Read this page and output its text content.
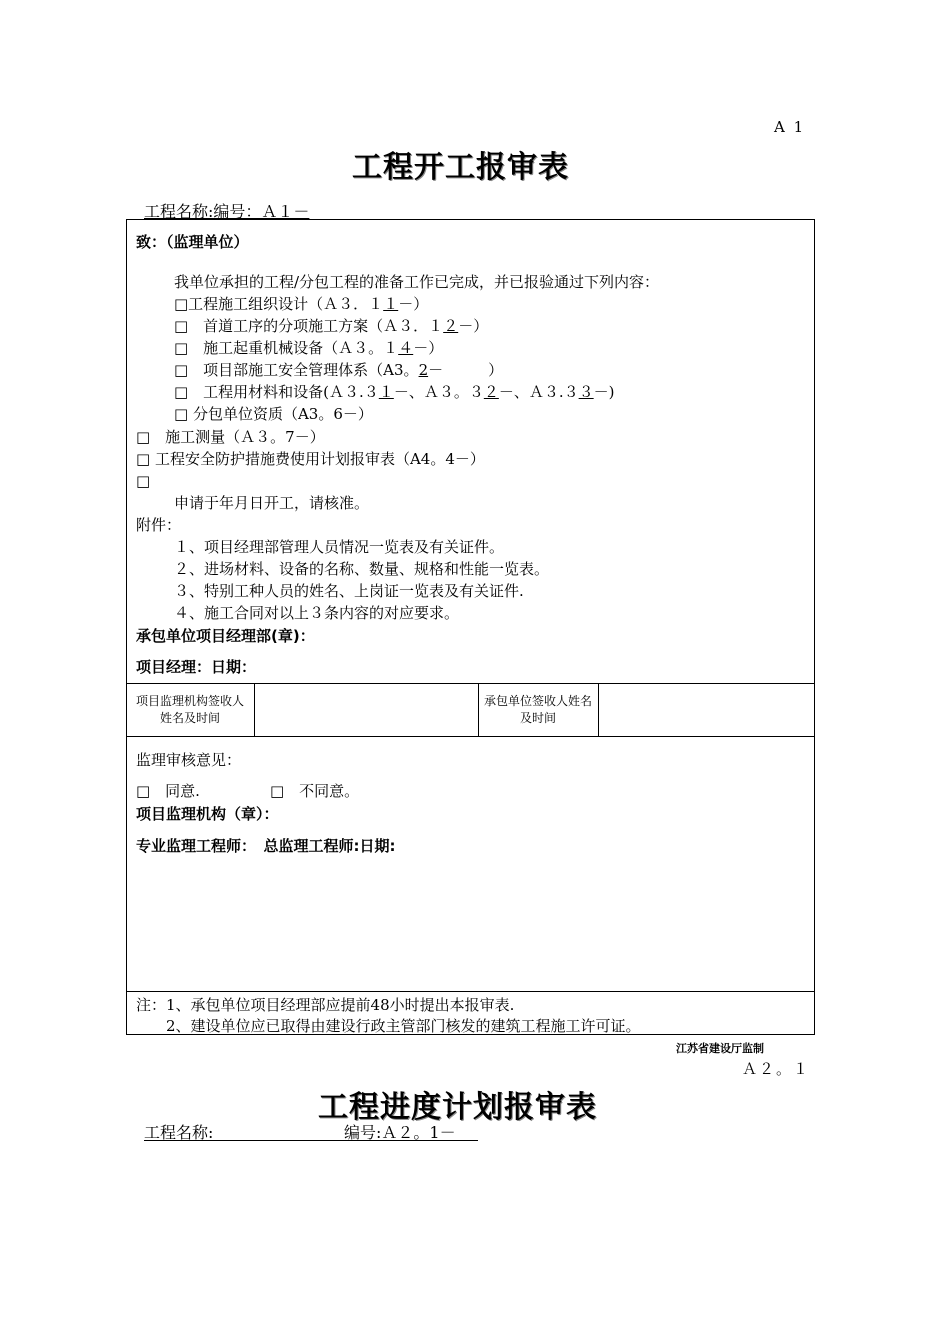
A 1
工程开工报审表
工程名称:编号：Ａ１－
致：（监理单位）
我单位承担的工程/分包工程的准备工作已完成，并已报验通过下列内容：
□工程施工组织设计（Ａ３．１１－）
□　首道工序的分项施工方案（Ａ３．１２－）
□　施工起重机械设备（Ａ３。１４－）
□　项目部施工安全管理体系（A3。2－　　　）
□　工程用材料和设备(Ａ３.３１－、Ａ３。３２－、Ａ３.３３－)
□ 分包单位资质（A3。6－）
□　施工测量（Ａ３。7－）
□ 工程安全防护措施费使用计划报审表（A4。4－）
□
申请于年月日开工，请核准。
附件：
１、项目经理部管理人员情况一览表及有关证件。
２、进场材料、设备的名称、数量、规格和性能一览表。
３、特别工种人员的姓名、上岗证一览表及有关证件.
４、施工合同对以上３条内容的对应要求。
承包单位项目经理部(章)：
项目经理：日期：
项目监理机构签收人姓名及时间
承包单位签收人姓名及时间
监理审核意见：
□　同意.	□　不同意。
项目监理机构（章）：
专业监理工程师：　总监理工程师:日期:
注：1、承包单位项目经理部应提前48小时提出本报审表.
　　2、建设单位应已取得由建设行政主管部门核发的建筑工程施工许可证。
江苏省建设厅监制
Ａ２。１
工程进度计划报审表
工程名称:	编号:Ａ２。1－
